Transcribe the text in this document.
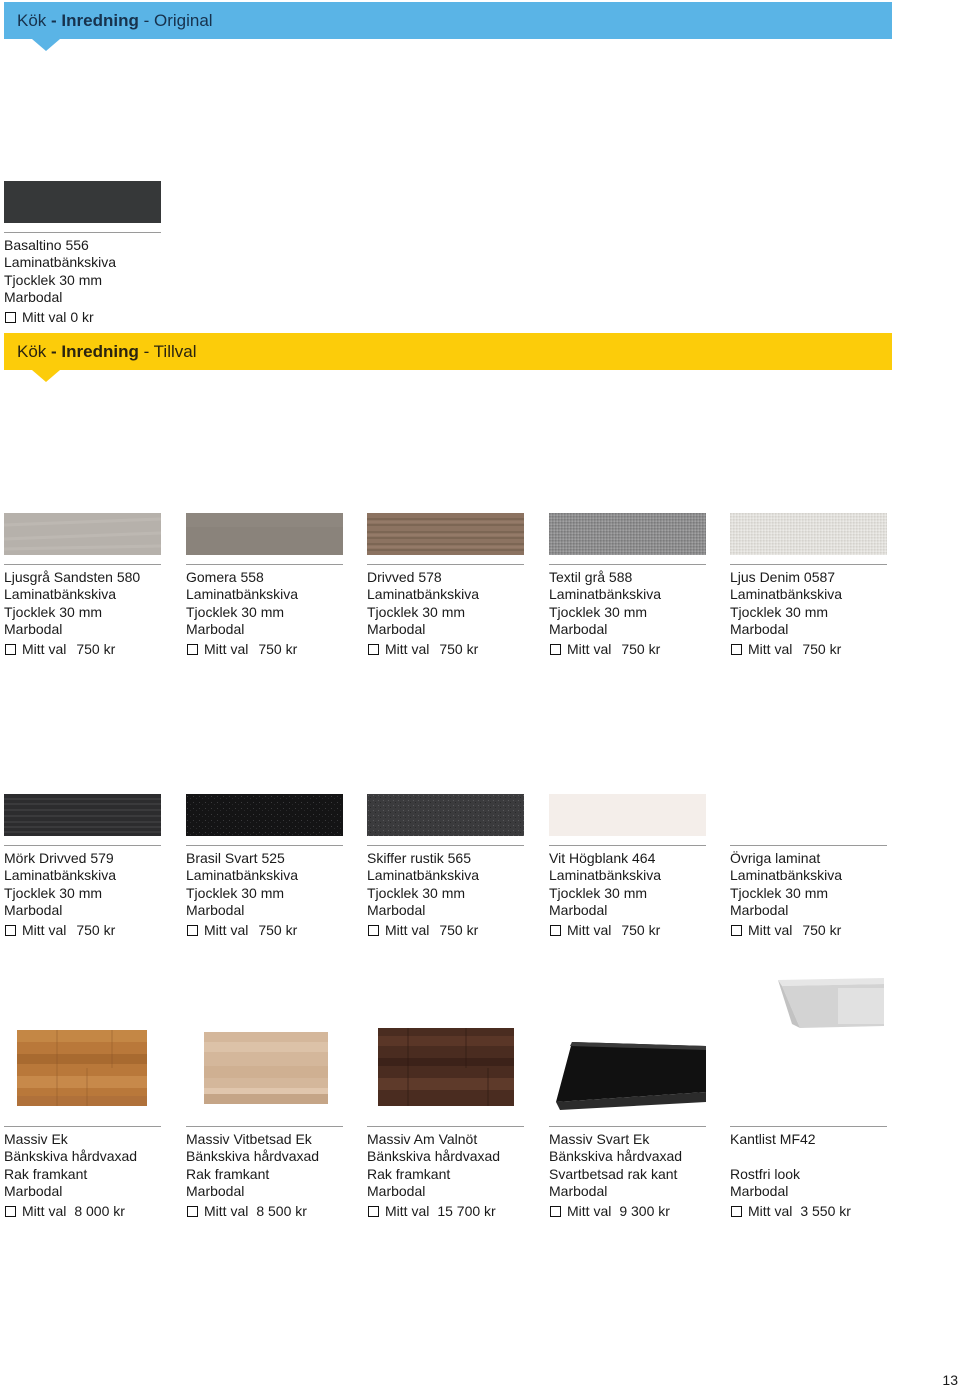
Kök - Inredning - Original
Basaltino 556
Laminatbänkskiva
Tjocklek 30 mm
Marbodal
Mitt val 0 kr
Kök - Inredning - Tillval
Ljusgrå Sandsten 580
Laminatbänkskiva
Tjocklek 30 mm
Marbodal
Mitt val 750 kr
Gomera 558
Laminatbänkskiva
Tjocklek 30 mm
Marbodal
Mitt val 750 kr
Drivved 578
Laminatbänkskiva
Tjocklek 30 mm
Marbodal
Mitt val 750 kr
Textil grå 588
Laminatbänkskiva
Tjocklek 30 mm
Marbodal
Mitt val 750 kr
Ljus Denim 0587
Laminatbänkskiva
Tjocklek 30 mm
Marbodal
Mitt val 750 kr
Mörk Drivved 579
Laminatbänkskiva
Tjocklek 30 mm
Marbodal
Mitt val 750 kr
Brasil Svart 525
Laminatbänkskiva
Tjocklek 30 mm
Marbodal
Mitt val 750 kr
Skiffer rustik 565
Laminatbänkskiva
Tjocklek 30 mm
Marbodal
Mitt val 750 kr
Vit Högblank 464
Laminatbänkskiva
Tjocklek 30 mm
Marbodal
Mitt val 750 kr
Övriga laminat
Laminatbänkskiva
Tjocklek 30 mm
Marbodal
Mitt val 750 kr
Massiv Ek
Bänkskiva hårdvaxad
Rak framkant
Marbodal
Mitt val 8 000 kr
Massiv Vitbetsad Ek
Bänkskiva hårdvaxad
Rak framkant
Marbodal
Mitt val 8 500 kr
Massiv Am Valnöt
Bänkskiva hårdvaxad
Rak framkant
Marbodal
Mitt val 15 700 kr
Massiv Svart Ek
Bänkskiva hårdvaxad
Svartbetsad rak kant
Marbodal
Mitt val 9 300 kr
Kantlist MF42
Rostfri look
Marbodal
Mitt val 3 550 kr
13
